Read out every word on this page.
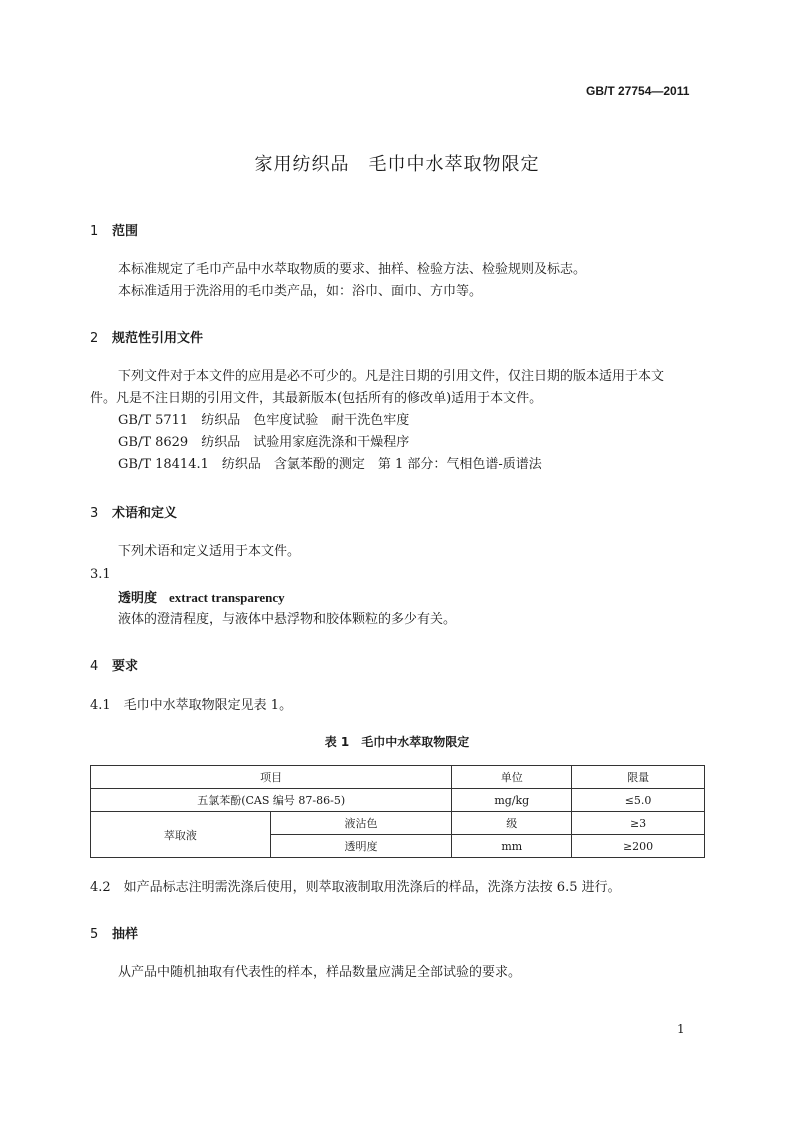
GB/T 27754—2011
家用纺织品　毛巾中水萃取物限定
1 范围
本标准规定了毛巾产品中水萃取物质的要求、抽样、检验方法、检验规则及标志。
本标准适用于洗浴用的毛巾类产品，如：浴巾、面巾、方巾等。
2 规范性引用文件
下列文件对于本文件的应用是必不可少的。凡是注日期的引用文件，仅注日期的版本适用于本文
件。凡是不注日期的引用文件，其最新版本(包括所有的修改单)适用于本文件。
GB/T 5711　纺织品　色牢度试验　耐干洗色牢度
GB/T 8629　纺织品　试验用家庭洗涤和干燥程序
GB/T 18414.1　纺织品　含氯苯酚的测定　第 1 部分：气相色谱-质谱法
3 术语和定义
下列术语和定义适用于本文件。
3.1
透明度 extract transparency
液体的澄清程度，与液体中悬浮物和胶体颗粒的多少有关。
4 要求
4.1　毛巾中水萃取物限定见表 1。
表 1　毛巾中水萃取物限定
项目		单位	限量
五氯苯酚(CAS 编号 87-86-5)		mg/kg	≤5.0
萃取液	液沾色	级	≥3
	透明度	mm	≥200
4.2　如产品标志注明需洗涤后使用，则萃取液制取用洗涤后的样品，洗涤方法按 6.5 进行。
5 抽样
从产品中随机抽取有代表性的样本，样品数量应满足全部试验的要求。
1
